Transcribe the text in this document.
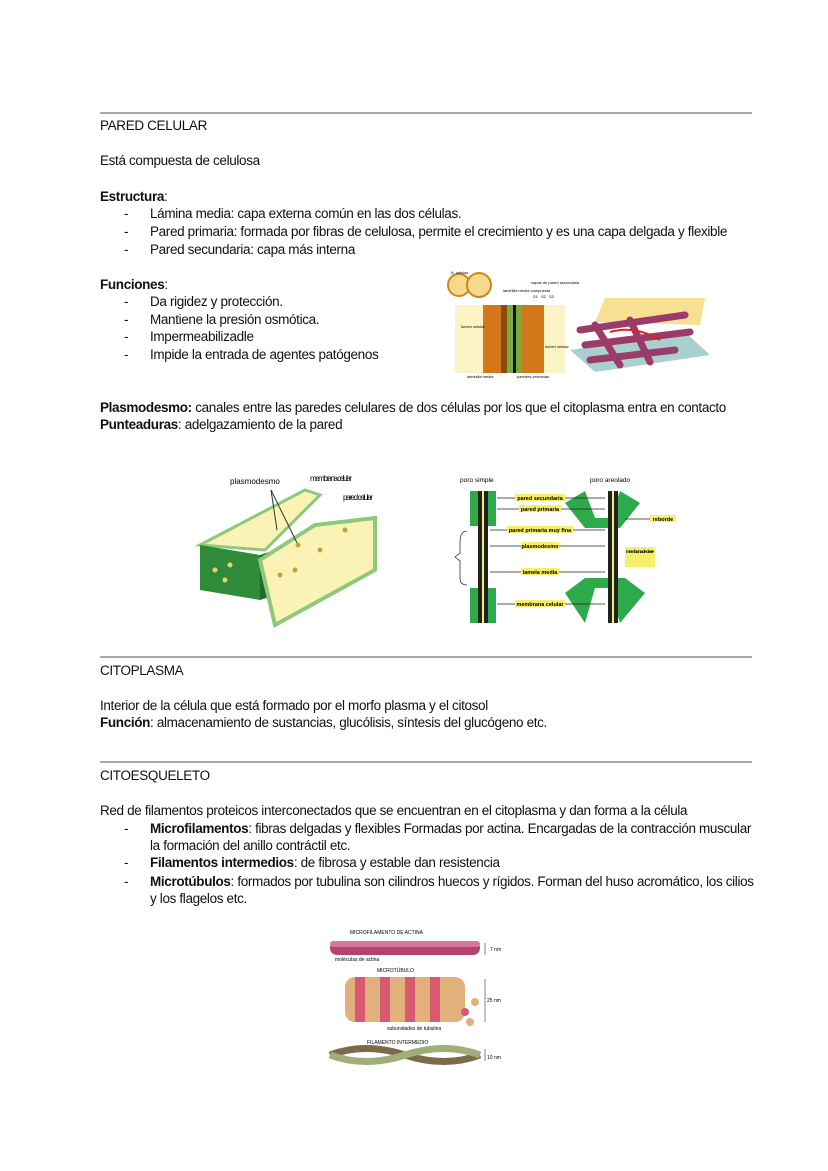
PARED CELULAR
Está compuesta de celulosa
Estructura:
- Lámina media: capa externa común en las dos células.
- Pared primaria: formada por fibras de celulosa, permite el crecimiento y es una capa delgada y flexible
- Pared secundaria: capa más interna
Funciones:
- Da rigidez y protección.
- Mantiene la presión osmótica.
- Impermeabilizadle
- Impide la entrada de agentes patógenos
A. células
capas de pared secundaria
laminilla media compuesta
S1 S2 S3
lumen celular
lumen celular
laminilla media	paredes primarias
Plasmodesmo: canales entre las paredes celulares de dos células por los que el citoplasma entra en contacto
Punteaduras: adelgazamiento de la pared
plasmodesmo	membrana celular
pared celular
poro simple	poro areolado
pared secundaria
pared primaria
pared primaria muy fina
plasmodesmo
lamela media
membrana celular
reborde
membrana de cierre
CITOPLASMA
Interior de la célula que está formado por el morfo plasma y el citosol
Función: almacenamiento de sustancias, glucólisis, síntesis del glucógeno etc.
CITOESQUELETO
Red de filamentos proteicos interconectados que se encuentran en el citoplasma y dan forma a la célula
- Microfilamentos: fibras delgadas y flexibles Formadas por actina. Encargadas de la contracción muscular
la formación del anillo contráctil etc.
- Filamentos intermedios: de fibrosa y estable dan resistencia
- Microtúbulos: formados por tubulina son cilindros huecos y rígidos. Forman del huso acromático, los cilios
y los flagelos etc.
MICROFILAMENTO DE ACTINA
moléculas de actina
7 nm
MICROTÚBULO
subunidades de tubulina
25 nm
FILAMENTO INTERMEDIO
10 nm
